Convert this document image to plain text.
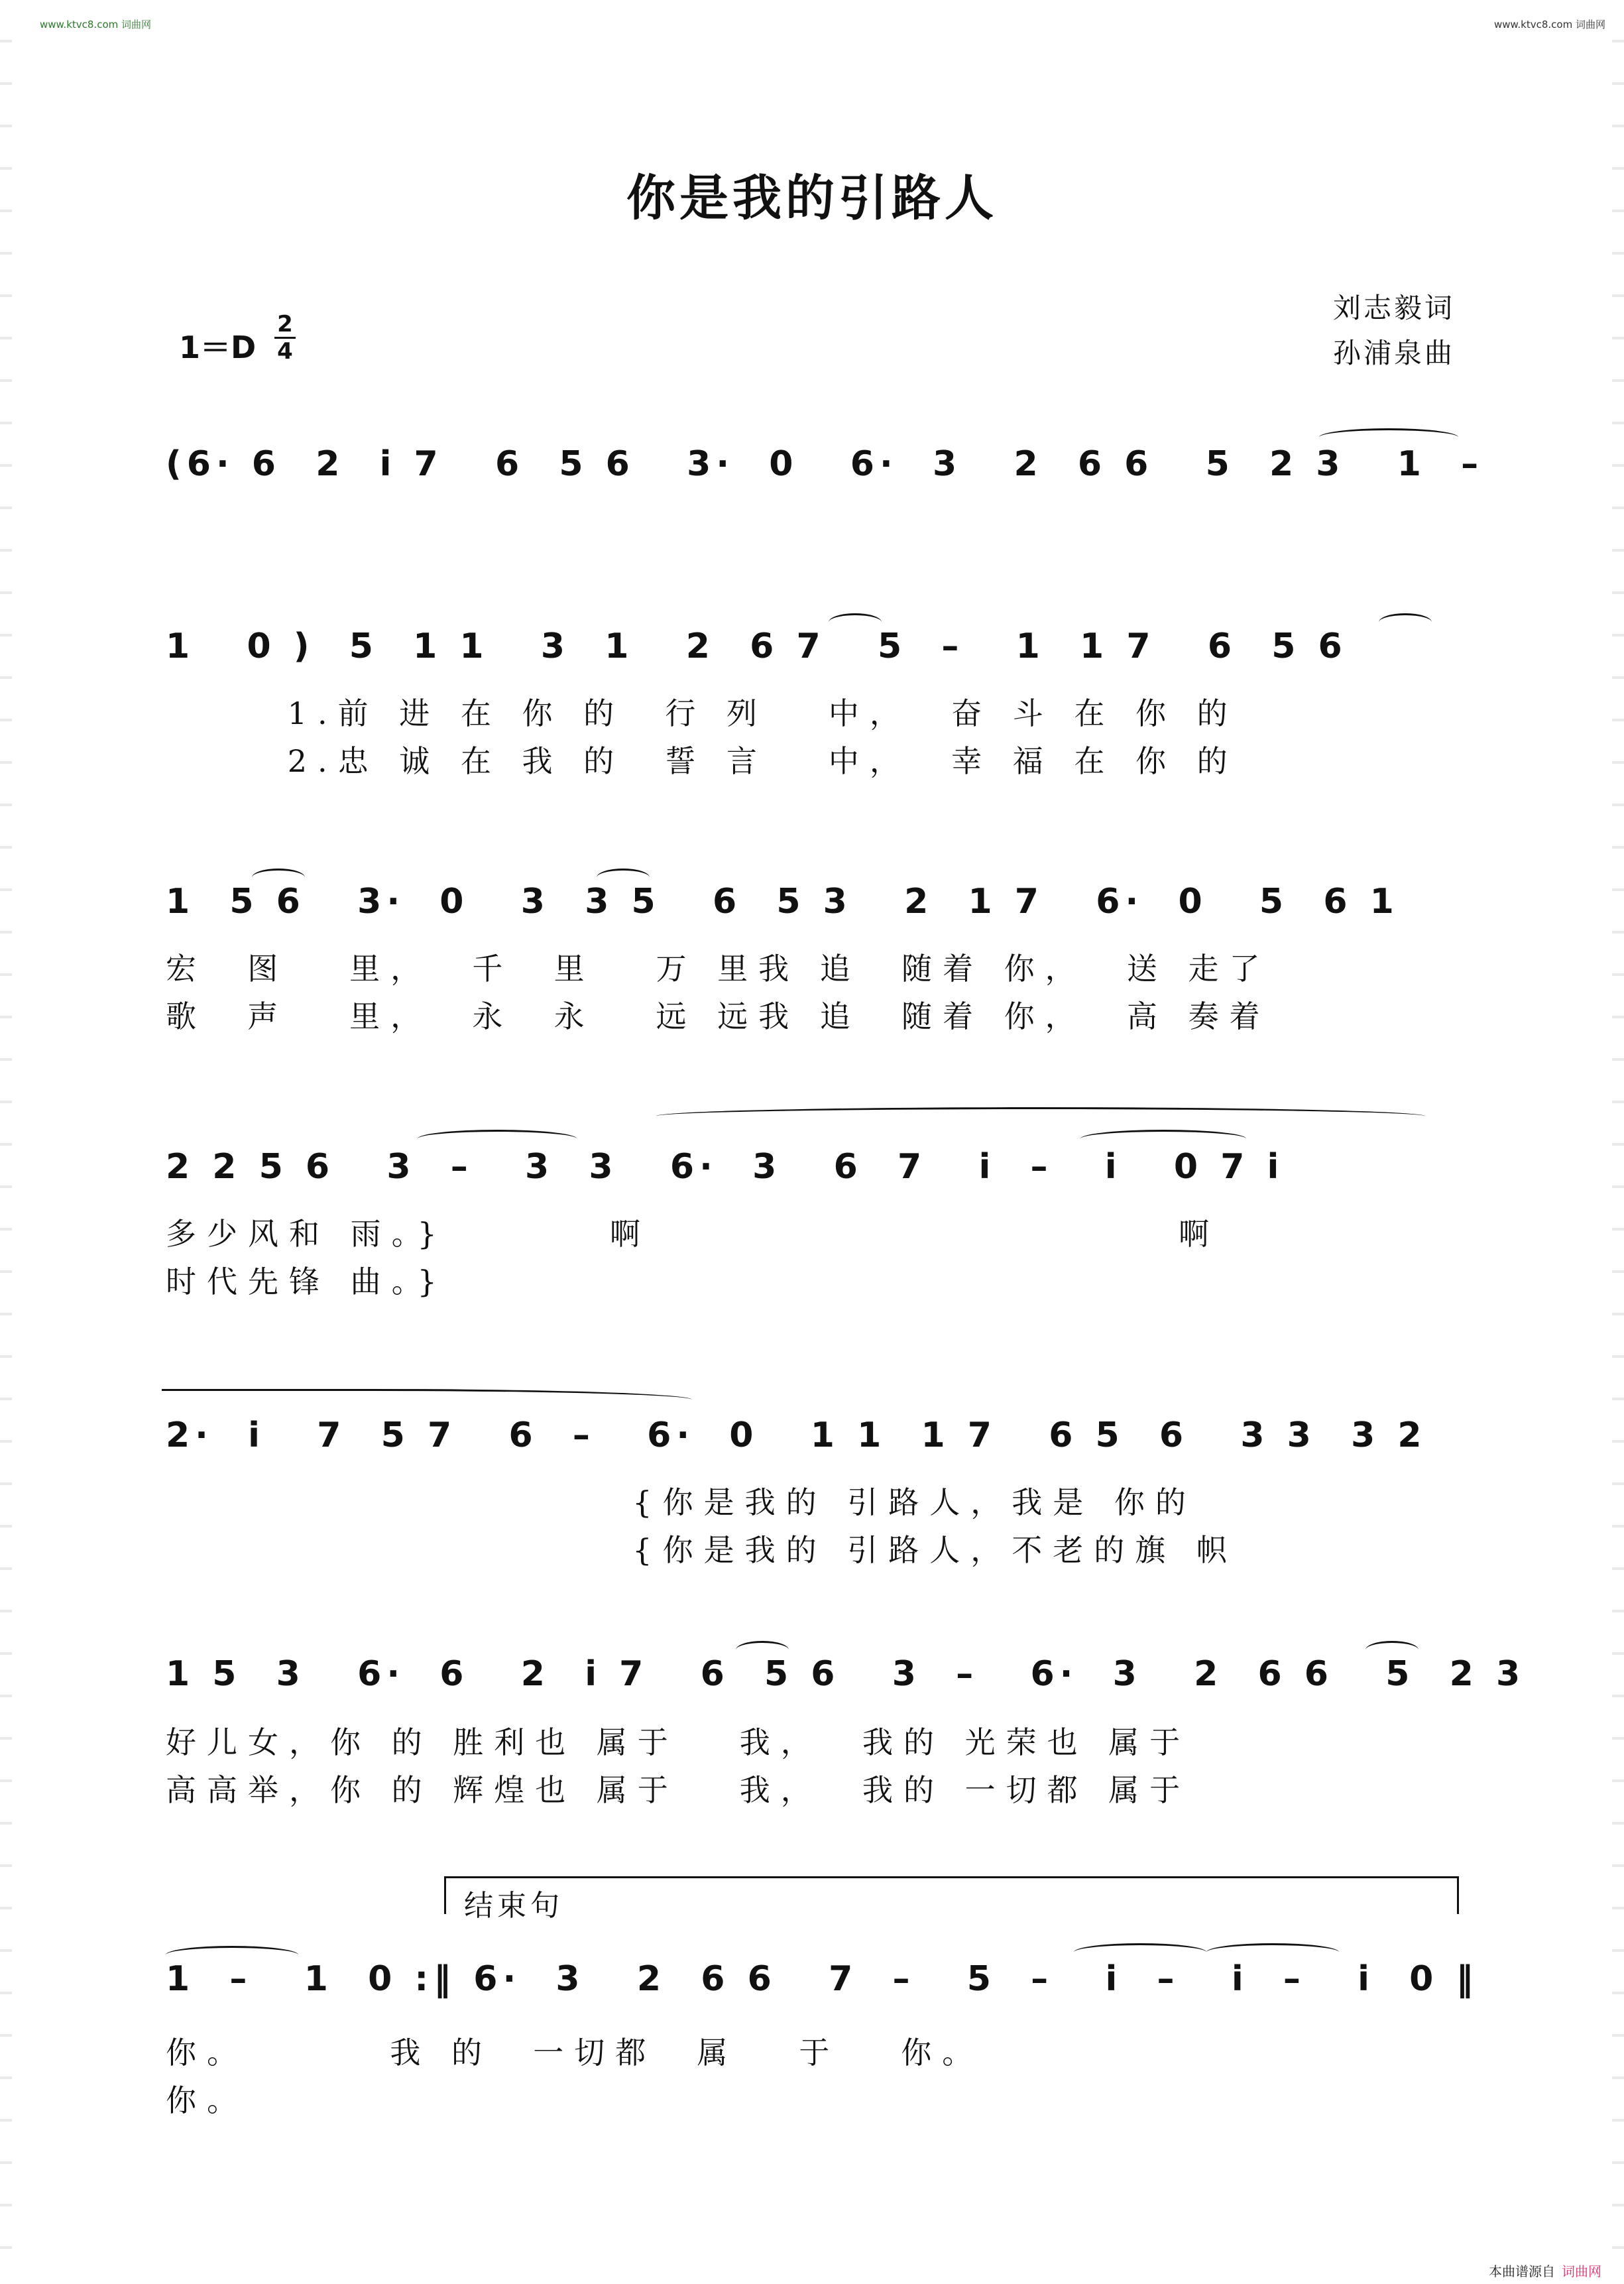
www.ktvc8.com 词曲网	www.ktvc8.com 词曲网
你是我的引路人
1＝D
2
4
刘志毅词
孙浦泉曲
(6· 6  2  i 7   6  5 6   3·  0   6·  3   2  6 6   5  2 3   1  –
1   0 )  5  1 1   3  1   2  6 7   5  –   1  1 7   6  5 6
1.前 进 在 你 的  行 列   中，  奋 斗 在 你 的
2.忠 诚 在 我 的  誓 言   中，  幸 福 在 你 的
1  5 6   3·  0   3  3 5   6  5 3   2  1 7   6·  0   5  6 1
宏  图   里，  千  里   万 里我 追  随着 你，  送 走了
歌  声   里，  永  永   远 远我 追  随着 你，  高 奏着
2 2 5 6   3  –   3  3   6·  3   6  7   i  –   i   0 7 i
多少风和 雨。}        啊                          啊
时代先锋 曲。}
2·  i   7  5 7   6  –   6·  0   1 1  1 7   6 5  6   3 3  3 2
{你是我的 引路人，我是 你的
{你是我的 引路人，不老的旗 帜
1 5  3   6·  6   2  i 7   6  5 6   3  –   6·  3   2  6 6   5  2 3
好儿女，你 的 胜利也 属于   我，  我的 光荣也 属于
高高举，你 的 辉煌也 属于   我，  我的 一切都 属于
结束句
1  –   1  0 :‖ 6·  3   2  6 6   7  –   5  –   i  –   i  –   i  0 ‖
你。       我 的  一切都  属   于   你。
你。
本曲谱源自 词曲网
